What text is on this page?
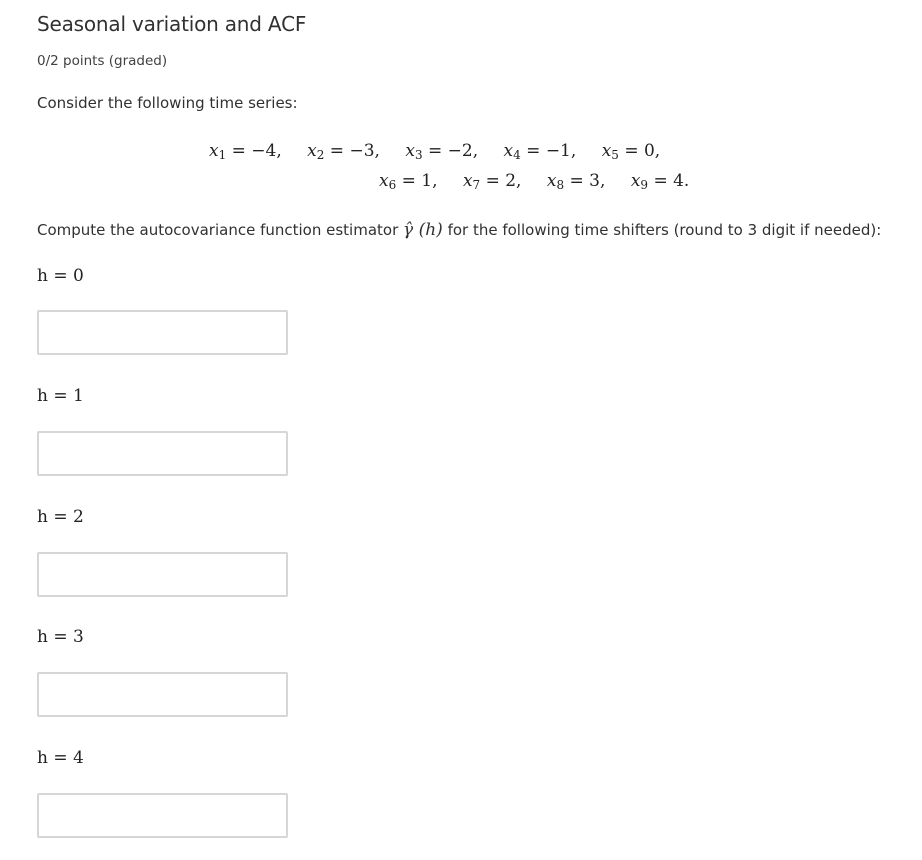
Seasonal variation and ACF
0/2 points (graded)
Consider the following time series:
$x_1 = -4$, $x_2 = -3$, $x_3 = -2$, $x_4 = -1$, $x_5 = 0$,
$x_6 = 1$, $x_7 = 2$, $x_8 = 3$, $x_9 = 4$.
Compute the autocovariance function estimator γ̂ (h) for the following time shifters (round to 3 digit if needed):
h = 0
h = 1
h = 2
h = 3
h = 4
